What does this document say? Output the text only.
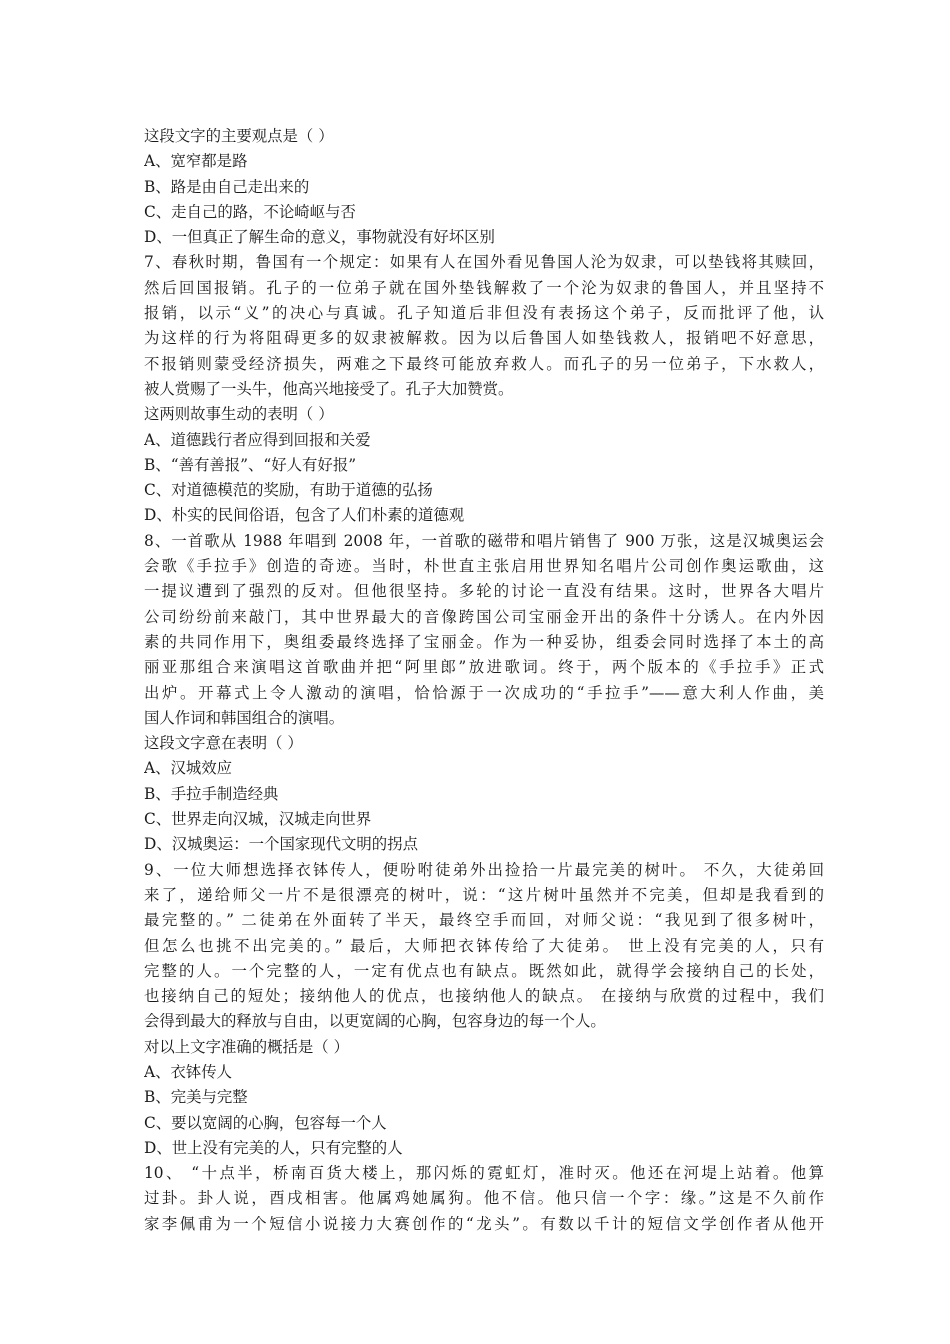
这段文字的主要观点是（ ）
A、宽窄都是路
B、路是由自己走出来的
C、走自己的路，不论崎岖与否
D、一但真正了解生命的意义，事物就没有好坏区别
7、春秋时期，鲁国有一个规定：如果有人在国外看见鲁国人沦为奴隶，可以垫钱将其赎回，
然后回国报销。孔子的一位弟子就在国外垫钱解救了一个沦为奴隶的鲁国人，并且坚持不
报销，以示“义”的决心与真诚。孔子知道后非但没有表扬这个弟子，反而批评了他，认
为这样的行为将阻碍更多的奴隶被解救。因为以后鲁国人如垫钱救人，报销吧不好意思，
不报销则蒙受经济损失，两难之下最终可能放弃救人。而孔子的另一位弟子，下水救人，
被人赏赐了一头牛，他高兴地接受了。孔子大加赞赏。
这两则故事生动的表明（ ）
A、道德践行者应得到回报和关爱
B、“善有善报”、“好人有好报”
C、对道德模范的奖励，有助于道德的弘扬
D、朴实的民间俗语，包含了人们朴素的道德观
8、一首歌从 1988 年唱到 2008 年，一首歌的磁带和唱片销售了 900 万张，这是汉城奥运会
会歌《手拉手》创造的奇迹。当时，朴世直主张启用世界知名唱片公司创作奥运歌曲，这
一提议遭到了强烈的反对。但他很坚持。多轮的讨论一直没有结果。这时，世界各大唱片
公司纷纷前来敲门，其中世界最大的音像跨国公司宝丽金开出的条件十分诱人。在内外因
素的共同作用下，奥组委最终选择了宝丽金。作为一种妥协，组委会同时选择了本土的高
丽亚那组合来演唱这首歌曲并把“阿里郎”放进歌词。终于，两个版本的《手拉手》正式
出炉。开幕式上令人激动的演唱，恰恰源于一次成功的“手拉手”——意大利人作曲，美
国人作词和韩国组合的演唱。
这段文字意在表明（ ）
A、汉城效应
B、手拉手制造经典
C、世界走向汉城，汉城走向世界
D、汉城奥运：一个国家现代文明的拐点
9、一位大师想选择衣钵传人，便吩咐徒弟外出捡拾一片最完美的树叶。 不久，大徒弟回
来了，递给师父一片不是很漂亮的树叶，说：“这片树叶虽然并不完美，但却是我看到的
最完整的。” 二徒弟在外面转了半天，最终空手而回，对师父说：“我见到了很多树叶，
但怎么也挑不出完美的。” 最后，大师把衣钵传给了大徒弟。 世上没有完美的人，只有
完整的人。一个完整的人，一定有优点也有缺点。既然如此，就得学会接纳自己的长处，
也接纳自己的短处；接纳他人的优点，也接纳他人的缺点。 在接纳与欣赏的过程中，我们
会得到最大的释放与自由，以更宽阔的心胸，包容身边的每一个人。
对以上文字准确的概括是（ ）
A、衣钵传人
B、完美与完整
C、要以宽阔的心胸，包容每一个人
D、世上没有完美的人，只有完整的人
10、 “十点半，桥南百货大楼上，那闪烁的霓虹灯，准时灭。他还在河堤上站着。他算
过卦。卦人说，酉戌相害。他属鸡她属狗。他不信。他只信一个字：缘。”这是不久前作
家李佩甫为一个短信小说接力大赛创作的“龙头”。有数以千计的短信文学创作者从他开
